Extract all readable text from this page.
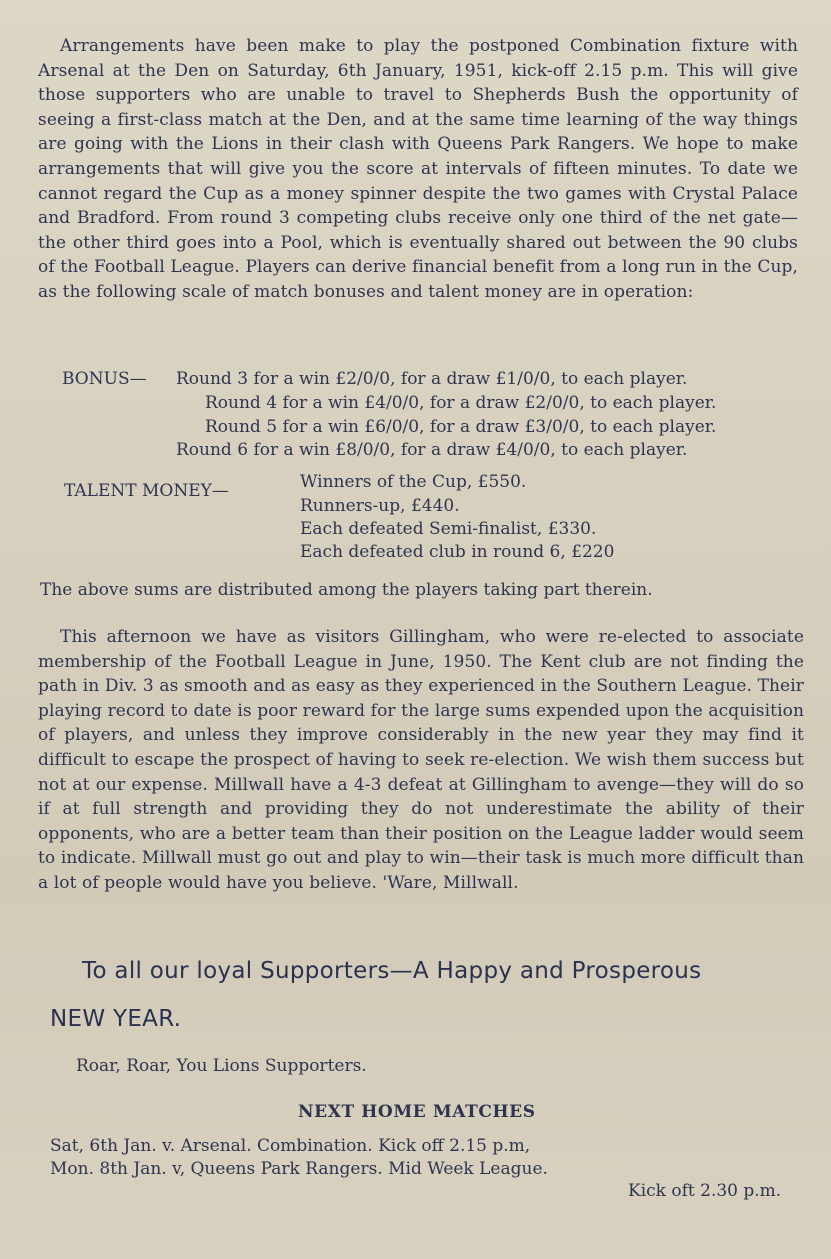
Arrangements have been make to play the postponed Combination fixture with Arsenal at the Den on Saturday, 6th January, 1951, kick-off 2.15 p.m. This will give those supporters who are unable to travel to Shepherds Bush the opportunity of seeing a first-class match at the Den, and at the same time learning of the way things are going with the Lions in their clash with Queens Park Rangers. We hope to make arrangements that will give you the score at intervals of fifteen minutes. To date we cannot regard the Cup as a money spinner despite the two games with Crystal Palace and Bradford. From round 3 competing clubs receive only one third of the net gate—the other third goes into a Pool, which is eventually shared out between the 90 clubs of the Football League. Players can derive financial benefit from a long run in the Cup, as the following scale of match bonuses and talent money are in operation:

BONUS— Round 3 for a win £2/0/0, for a draw £1/0/0, to each player.
Round 4 for a win £4/0/0, for a draw £2/0/0, to each player.
Round 5 for a win £6/0/0, for a draw £3/0/0, to each player.
Round 6 for a win £8/0/0, for a draw £4/0/0, to each player.
TALENT MONEY—	Winners of the Cup, £550.
Runners-up, £440.
Each defeated Semi-finalist, £330.
Each defeated club in round 6, £220
The above sums are distributed among the players taking part therein.

This afternoon we have as visitors Gillingham, who were re-elected to associate membership of the Football League in June, 1950. The Kent club are not finding the path in Div. 3 as smooth and as easy as they experienced in the Southern League. Their playing record to date is poor reward for the large sums expended upon the acquisition of players, and unless they improve considerably in the new year they may find it difficult to escape the prospect of having to seek re-election. We wish them success but not at our expense. Millwall have a 4-3 defeat at Gillingham to avenge—they will do so if at full strength and providing they do not underestimate the ability of their opponents, who are a better team than their position on the League ladder would seem to indicate. Millwall must go out and play to win—their task is much more difficult than a lot of people would have you believe. 'Ware, Millwall.

To all our loyal Supporters—A Happy and Prosperous
NEW YEAR.
Roar, Roar, You Lions Supporters.
NEXT HOME MATCHES
Sat, 6th Jan. v. Arsenal. Combination. Kick off 2.15 p.m,
Mon. 8th Jan. v, Queens Park Rangers. Mid Week League.
Kick oft 2.30 p.m.
